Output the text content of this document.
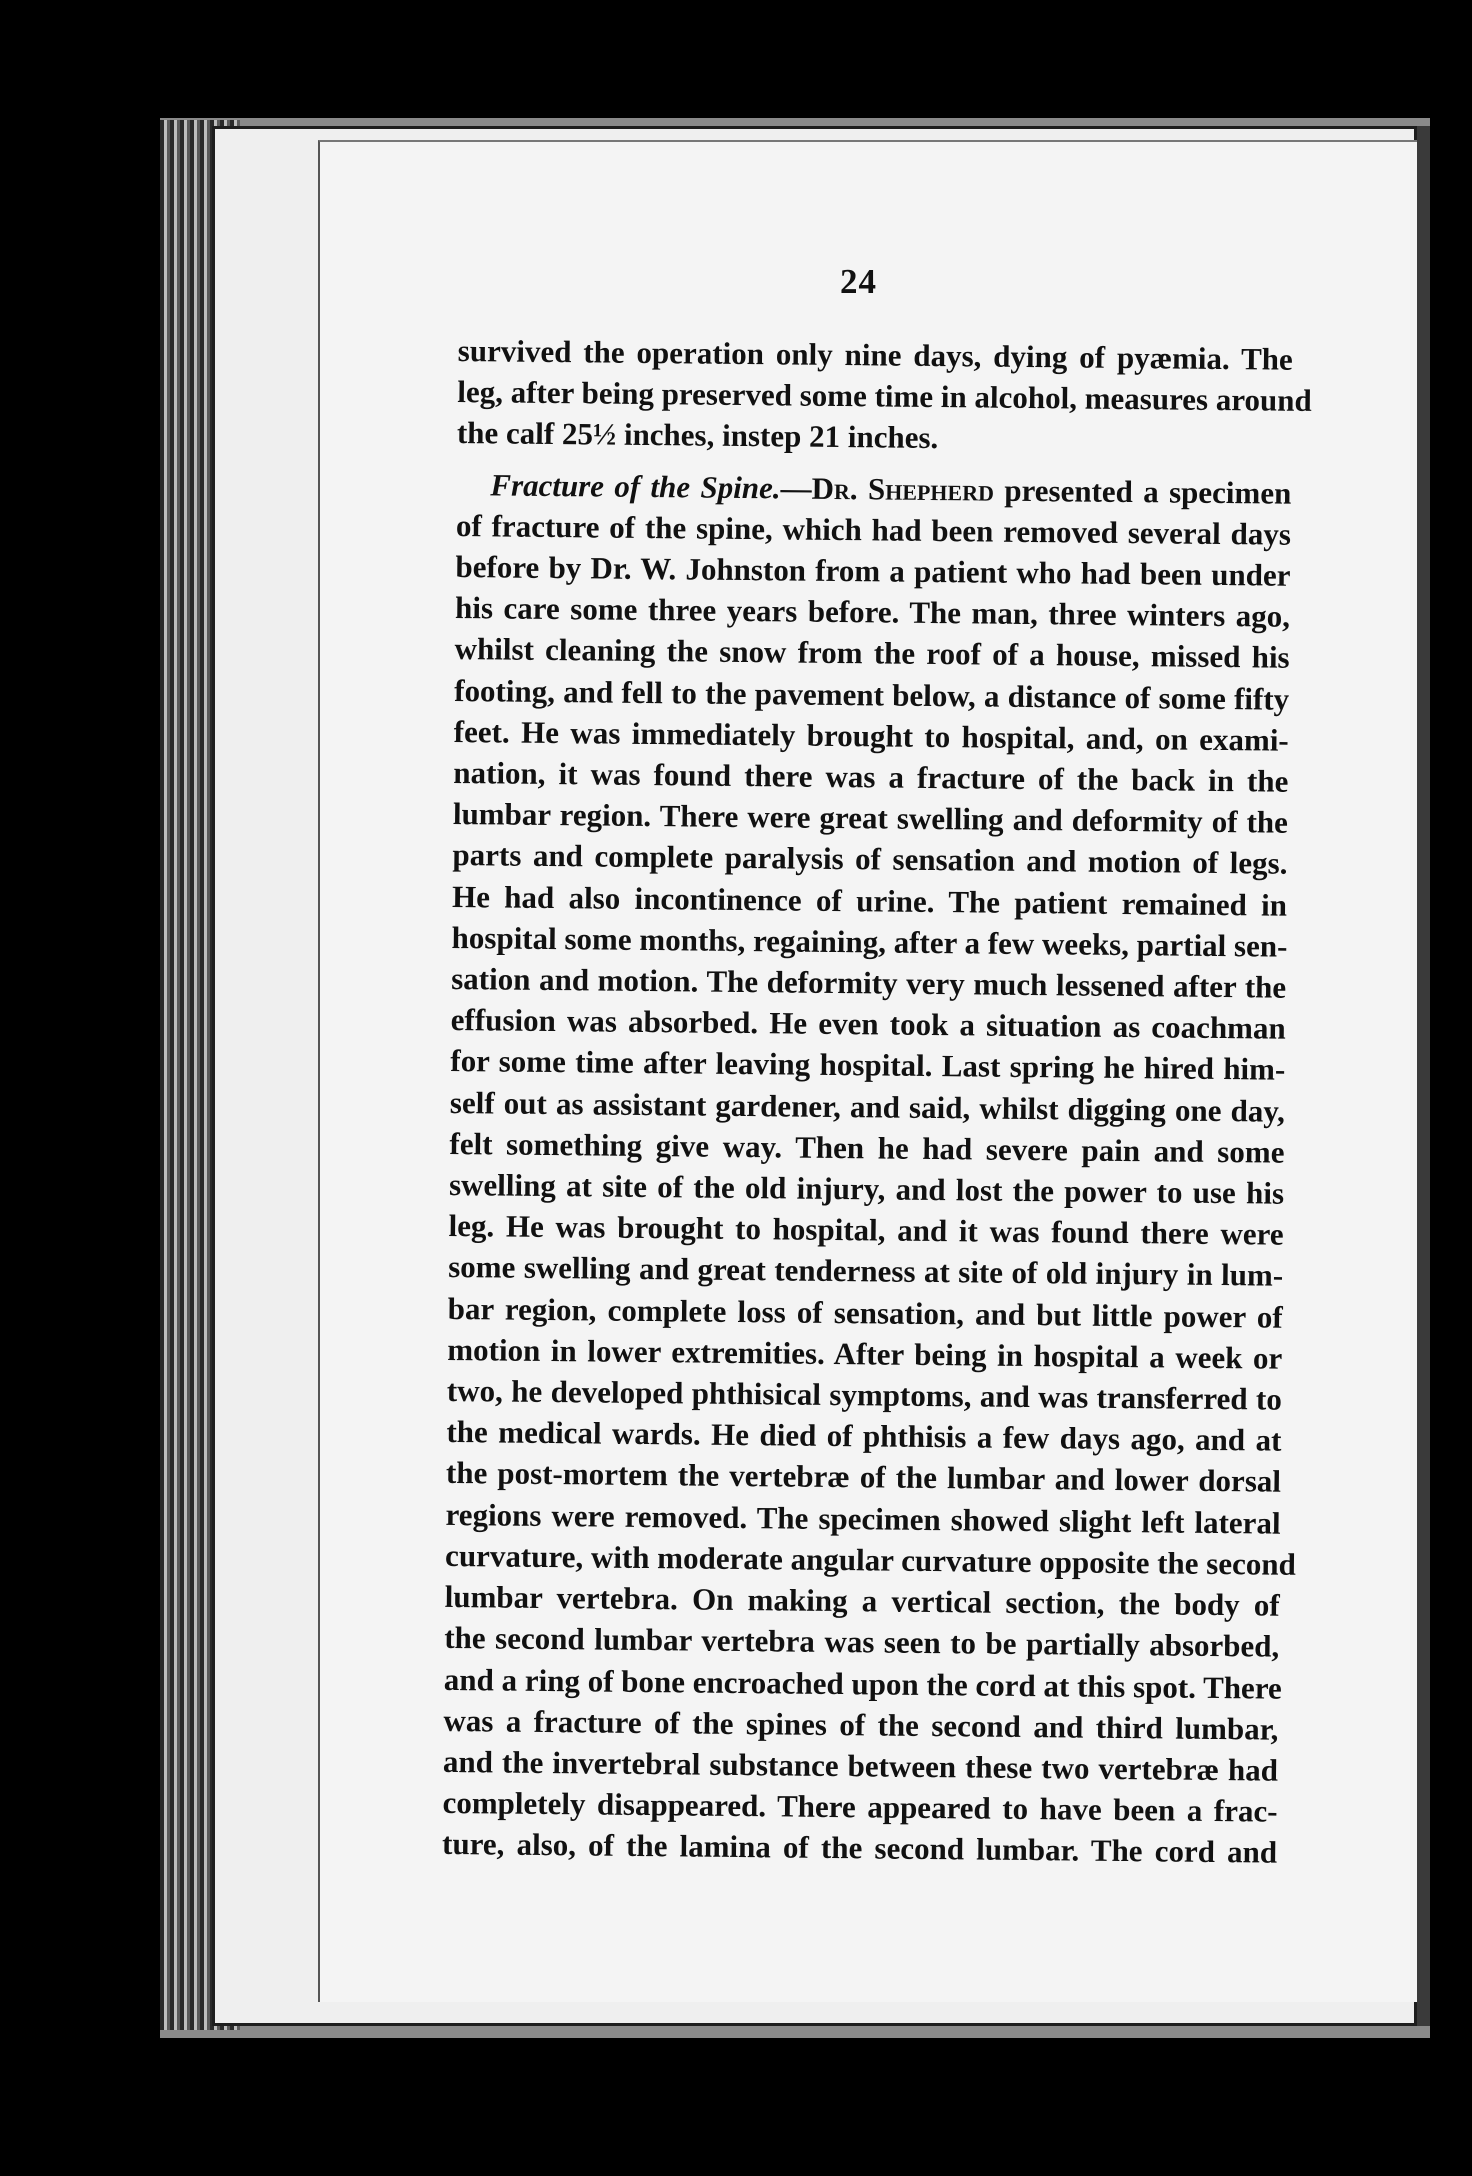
24
survived the operation only nine days, dying of pyæmia. The
leg, after being preserved some time in alcohol, measures around
the calf 25½ inches, instep 21 inches.
Fracture of the Spine.—Dr. Shepherd presented a specimen
of fracture of the spine, which had been removed several days
before by Dr. W. Johnston from a patient who had been under
his care some three years before. The man, three winters ago,
whilst cleaning the snow from the roof of a house, missed his
footing, and fell to the pavement below, a distance of some fifty
feet. He was immediately brought to hospital, and, on exami-
nation, it was found there was a fracture of the back in the
lumbar region. There were great swelling and deformity of the
parts and complete paralysis of sensation and motion of legs.
He had also incontinence of urine. The patient remained in
hospital some months, regaining, after a few weeks, partial sen-
sation and motion. The deformity very much lessened after the
effusion was absorbed. He even took a situation as coachman
for some time after leaving hospital. Last spring he hired him-
self out as assistant gardener, and said, whilst digging one day,
felt something give way. Then he had severe pain and some
swelling at site of the old injury, and lost the power to use his
leg. He was brought to hospital, and it was found there were
some swelling and great tenderness at site of old injury in lum-
bar region, complete loss of sensation, and but little power of
motion in lower extremities. After being in hospital a week or
two, he developed phthisical symptoms, and was transferred to
the medical wards. He died of phthisis a few days ago, and at
the post-mortem the vertebræ of the lumbar and lower dorsal
regions were removed. The specimen showed slight left lateral
curvature, with moderate angular curvature opposite the second
lumbar vertebra. On making a vertical section, the body of
the second lumbar vertebra was seen to be partially absorbed,
and a ring of bone encroached upon the cord at this spot. There
was a fracture of the spines of the second and third lumbar,
and the invertebral substance between these two vertebræ had
completely disappeared. There appeared to have been a frac-
ture, also, of the lamina of the second lumbar. The cord and
